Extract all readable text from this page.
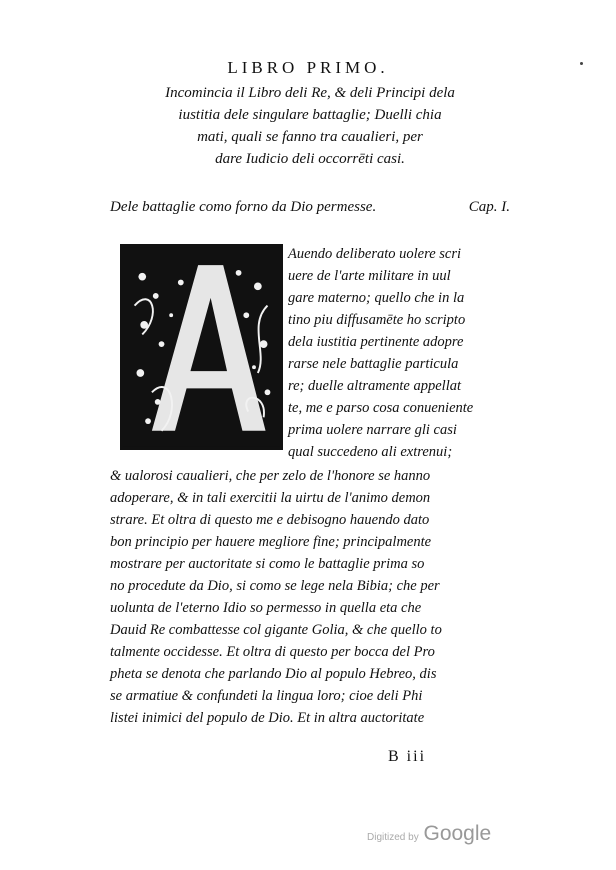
LIBRO PRIMO.
Incomincia il Libro deli Re, & deli Principi dela
iustitia dele singulare battaglie; Duelli chia
mati, quali se fanno tra caualieri, per
dare Iudicio deli occorrēti casi.
Dele battaglie como forno da Dio permesse.	Cap. I.
Auendo deliberato uolere scri
uere de l'arte militare in uul
gare materno; quello che in la
tino piu diffusamēte ho scripto
dela iustitia pertinente adopre
rarse nele battaglie particula
re; duelle altramente appellat
te, me e parso cosa conueniente
prima uolere narrare gli casi
qual succedeno ali extrenui;
& ualorosi caualieri, che per zelo de l'honore se hanno
adoperare, & in tali exercitii la uirtu de l'animo demon
strare. Et oltra di questo me e debisogno hauendo dato
bon principio per hauere megliore fine; principalmente
mostrare per auctoritate si como le battaglie prima so
no procedute da Dio, si como se lege nela Bibia; che per
uolunta de l'eterno Idio so permesso in quella eta che
Dauid Re combattesse col gigante Golia, & che quello to
talmente occidesse. Et oltra di questo per bocca del Pro
pheta se denota che parlando Dio al populo Hebreo, dis
se armatiue & confundeti la lingua loro; cioe deli Phi
listei inimici del populo de Dio. Et in altra auctoritate
B iii
Digitized by Google
